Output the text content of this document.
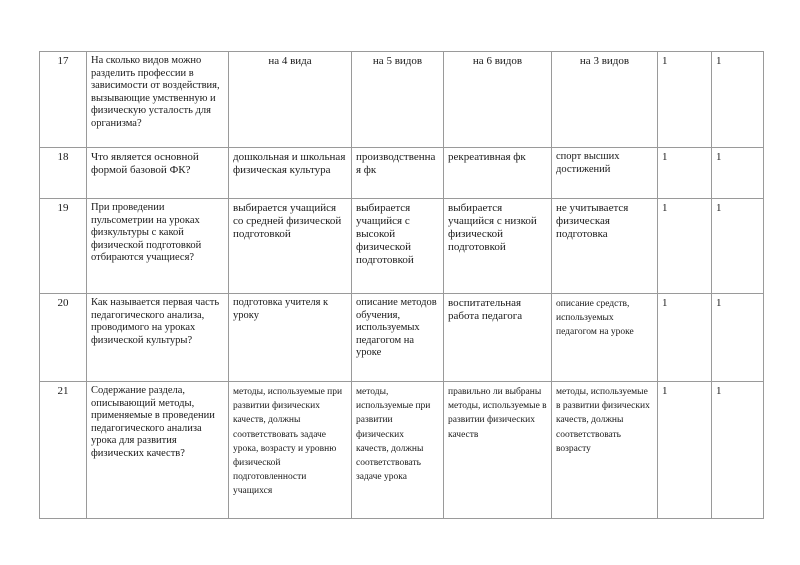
17	На сколько видов можно разделить профессии в зависимости от воздействия, вызывающие умственную и физическую усталость для организма?	на 4 вида	на 5 видов	на 6 видов	на 3 видов	1	1
18	Что является основной формой базовой ФК?	дошкольная и школьная физическая культура	производственная фк	рекреативная фк	спорт высших достижений	1	1
19	При проведении пульсометрии на уроках физкультуры с какой физической подготовкой отбираются учащиеся?	выбирается учащийся со средней физической подготовкой	выбирается учащийся с высокой физической подготовкой	выбирается учащийся с низкой физической подготовкой	не учитывается физическая подготовка	1	1
20	Как называется первая часть педагогического анализа, проводимого на уроках физической культуры?	подготовка учителя к уроку	описание методов обучения, используемых педагогом на уроке	воспитательная работа педагога	описание средств, используемых педагогом на уроке	1	1
21	Содержание раздела, описывающий методы, применяемые в проведении педагогического анализа урока для развития физических качеств?	методы, используемые при развитии физических качеств, должны соответствовать задаче урока, возрасту и уровню физической подготовленности учащихся	методы, используемые при развитии физических качеств, должны соответствовать задаче урока	правильно ли выбраны методы, используемые в развитии физических качеств	методы, используемые в развитии физических качеств, должны соответствовать возрасту	1	1
